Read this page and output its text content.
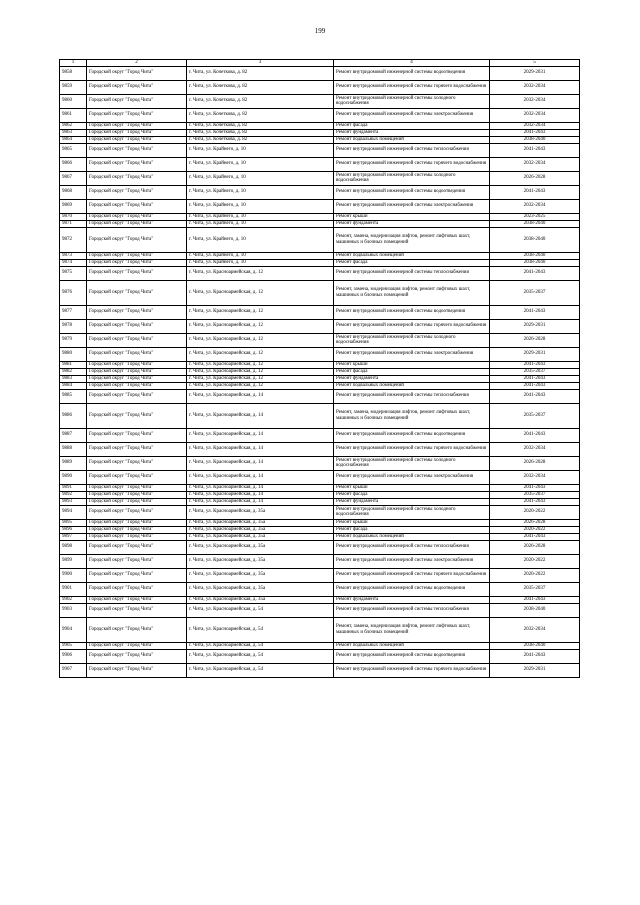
199
1	2	3	4	5
9858	Городской округ "Город Чита"	г. Чита, ул. Кочеткова, д. 82	Ремонт внутридомовой инженерной системы водоотведения	2029-2031
9859	Городской округ "Город Чита"	г. Чита, ул. Кочеткова, д. 82	Ремонт внутридомовой инженерной системы горячего водоснабжения	2032-2034
9860	Городской округ "Город Чита"	г. Чита, ул. Кочеткова, д. 82	Ремонт внутридомовой инженерной системы холодного водоснабжения	2032-2034
9861	Городской округ "Город Чита"	г. Чита, ул. Кочеткова, д. 82	Ремонт внутридомовой инженерной системы электроснабжения	2032-2034
9862	Городской округ "Город Чита"	г. Чита, ул. Кочеткова, д. 82	Ремонт фасада	2032-2034
9863	Городской округ "Город Чита"	г. Чита, ул. Кочеткова, д. 82	Ремонт фундамента	2041-2043
9864	Городской округ "Город Чита"	г. Чита, ул. Кочеткова, д. 82	Ремонт подвальных помещений	2038-2040
9865	Городской округ "Город Чита"	г. Чита, ул. Крайнего, д. 10	Ремонт внутридомовой инженерной системы теплоснабжения	2041-2043
9866	Городской округ "Город Чита"	г. Чита, ул. Крайнего, д. 10	Ремонт внутридомовой инженерной системы горячего водоснабжения	2032-2034
9867	Городской округ "Город Чита"	г. Чита, ул. Крайнего, д. 10	Ремонт внутридомовой инженерной системы холодного водоснабжения	2026-2028
9868	Городской округ "Город Чита"	г. Чита, ул. Крайнего, д. 10	Ремонт внутридомовой инженерной системы водоотведения	2041-2043
9869	Городской округ "Город Чита"	г. Чита, ул. Крайнего, д. 10	Ремонт внутридомовой инженерной системы электроснабжения	2032-2034
9870	Городской округ "Город Чита"	г. Чита, ул. Крайнего, д. 10	Ремонт крыши	2023-2025
9871	Городской округ "Город Чита"	г. Чита, ул. Крайнего, д. 10	Ремонт фундамента	2038-2040
9872	Городской округ "Город Чита"	г. Чита, ул. Крайнего, д. 10	Ремонт, замена, модернизация лифтов, ремонт лифтовых шахт, машинных и блочных помещений	2038-2040
9873	Городской округ "Город Чита"	г. Чита, ул. Крайнего, д. 10	Ремонт подвальных помещений	2038-2040
9874	Городской округ "Город Чита"	г. Чита, ул. Крайнего, д. 10	Ремонт фасада	2038-2040
9875	Городской округ "Город Чита"	г. Чита, ул. Красноармейская, д. 12	Ремонт внутридомовой инженерной системы теплоснабжения	2041-2043
9876	Городской округ "Город Чита"	г. Чита, ул. Красноармейская, д. 12	Ремонт, замена, модернизация лифтов, ремонт лифтовых шахт, машинных и блочных помещений	2035-2037
9877	Городской округ "Город Чита"	г. Чита, ул. Красноармейская, д. 12	Ремонт внутридомовой инженерной системы водоотведения	2041-2043
9878	Городской округ "Город Чита"	г. Чита, ул. Красноармейская, д. 12	Ремонт внутридомовой инженерной системы горячего водоснабжения	2029-2031
9879	Городской округ "Город Чита"	г. Чита, ул. Красноармейская, д. 12	Ремонт внутридомовой инженерной системы холодного водоснабжения	2026-2028
9880	Городской округ "Город Чита"	г. Чита, ул. Красноармейская, д. 12	Ремонт внутридомовой инженерной системы электроснабжения	2029-2031
9881	Городской округ "Город Чита"	г. Чита, ул. Красноармейская, д. 12	Ремонт крыши	2041-2043
9882	Городской округ "Город Чита"	г. Чита, ул. Красноармейская, д. 12	Ремонт фасада	2035-2037
9883	Городской округ "Город Чита"	г. Чита, ул. Красноармейская, д. 12	Ремонт фундамента	2041-2043
9884	Городской округ "Город Чита"	г. Чита, ул. Красноармейская, д. 12	Ремонт подвальных помещений	2041-2043
9885	Городской округ "Город Чита"	г. Чита, ул. Красноармейская, д. 14	Ремонт внутридомовой инженерной системы теплоснабжения	2041-2043
9886	Городской округ "Город Чита"	г. Чита, ул. Красноармейская, д. 14	Ремонт, замена, модернизация лифтов, ремонт лифтовых шахт, машинных и блочных помещений	2035-2037
9887	Городской округ "Город Чита"	г. Чита, ул. Красноармейская, д. 14	Ремонт внутридомовой инженерной системы водоотведения	2041-2043
9888	Городской округ "Город Чита"	г. Чита, ул. Красноармейская, д. 14	Ремонт внутридомовой инженерной системы горячего водоснабжения	2032-2034
9889	Городской округ "Город Чита"	г. Чита, ул. Красноармейская, д. 14	Ремонт внутридомовой инженерной системы холодного водоснабжения	2026-2028
9890	Городской округ "Город Чита"	г. Чита, ул. Красноармейская, д. 14	Ремонт внутридомовой инженерной системы электроснабжения	2032-2034
9891	Городской округ "Город Чита"	г. Чита, ул. Красноармейская, д. 14	Ремонт крыши	2041-2043
9892	Городской округ "Город Чита"	г. Чита, ул. Красноармейская, д. 14	Ремонт фасада	2035-2037
9893	Городской округ "Город Чита"	г. Чита, ул. Красноармейская, д. 14	Ремонт фундамента	2041-2043
9894	Городской округ "Город Чита"	г. Чита, ул. Красноармейская, д. 35а	Ремонт внутридомовой инженерной системы холодного водоснабжения	2020-2022
9895	Городской округ "Город Чита"	г. Чита, ул. Красноармейская, д. 35а	Ремонт крыши	2026-2028
9896	Городской округ "Город Чита"	г. Чита, ул. Красноармейская, д. 35а	Ремонт фасада	2020-2022
9897	Городской округ "Город Чита"	г. Чита, ул. Красноармейская, д. 35а	Ремонт подвальных помещений	2041-2043
9898	Городской округ "Город Чита"	г. Чита, ул. Красноармейская, д. 35а	Ремонт внутридомовой инженерной системы теплоснабжения	2026-2028
9899	Городской округ "Город Чита"	г. Чита, ул. Красноармейская, д. 35а	Ремонт внутридомовой инженерной системы электроснабжения	2020-2022
9900	Городской округ "Город Чита"	г. Чита, ул. Красноармейская, д. 35а	Ремонт внутридомовой инженерной системы горячего водоснабжения	2020-2022
9901	Городской округ "Город Чита"	г. Чита, ул. Красноармейская, д. 35а	Ремонт внутридомовой инженерной системы водоотведения	2035-2037
9902	Городской округ "Город Чита"	г. Чита, ул. Красноармейская, д. 35а	Ремонт фундамента	2041-2043
9903	Городской округ "Город Чита"	г. Чита, ул. Красноармейская, д. 54	Ремонт внутридомовой инженерной системы теплоснабжения	2038-2040
9904	Городской округ "Город Чита"	г. Чита, ул. Красноармейская, д. 54	Ремонт, замена, модернизация лифтов, ремонт лифтовых шахт, машинных и блочных помещений	2032-2034
9905	Городской округ "Город Чита"	г. Чита, ул. Красноармейская, д. 54	Ремонт подвальных помещений	2038-2040
9906	Городской округ "Город Чита"	г. Чита, ул. Красноармейская, д. 54	Ремонт внутридомовой инженерной системы водоотведения	2041-2043
9907	Городской округ "Город Чита"	г. Чита, ул. Красноармейская, д. 54	Ремонт внутридомовой инженерной системы горячего водоснабжения	2029-2031
